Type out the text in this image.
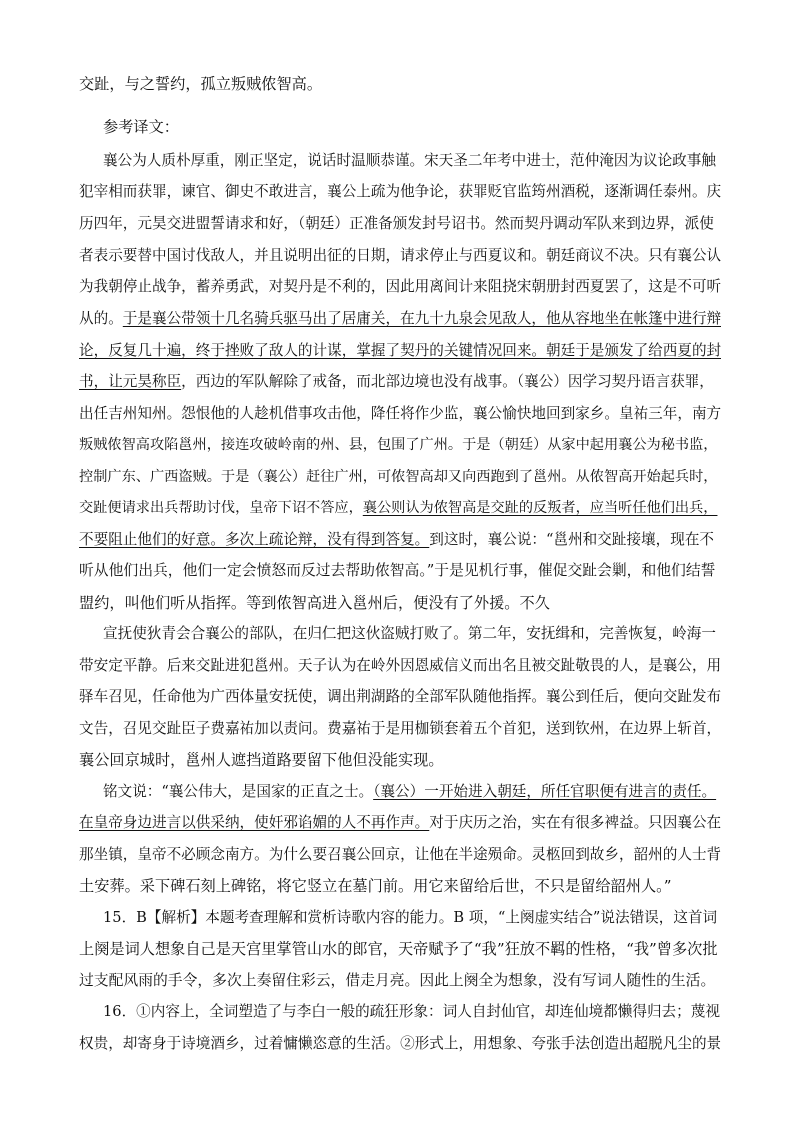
交趾，与之誓约，孤立叛贼侬智高。
参考译文：
襄公为人质朴厚重，刚正坚定，说话时温顺恭谨。宋天圣二年考中进士，范仲淹因为议论政事触
犯宰相而获罪，谏官、御史不敢进言，襄公上疏为他争论，获罪贬官监筠州酒税，逐渐调任泰州。庆
历四年，元昊交进盟誓请求和好，（朝廷）正准备颁发封号诏书。然而契丹调动军队来到边界，派使
者表示要替中国讨伐敌人，并且说明出征的日期，请求停止与西夏议和。朝廷商议不决。只有襄公认
为我朝停止战争，蓄养勇武，对契丹是不利的，因此用离间计来阻挠宋朝册封西夏罢了，这是不可听
从的。于是襄公带领十几名骑兵驱马出了居庸关，在九十九泉会见敌人，他从容地坐在帐篷中进行辩
论，反复几十遍，终于挫败了敌人的计谋，掌握了契丹的关键情况回来。朝廷于是颁发了给西夏的封
书，让元昊称臣，西边的军队解除了戒备，而北部边境也没有战事。（襄公）因学习契丹语言获罪，
出任吉州知州。怨恨他的人趁机借事攻击他，降任将作少监，襄公愉快地回到家乡。皇祐三年，南方
叛贼侬智高攻陷邕州，接连攻破岭南的州、县，包围了广州。于是（朝廷）从家中起用襄公为秘书监，
控制广东、广西盗贼。于是（襄公）赶往广州，可侬智高却又向西跑到了邕州。从侬智高开始起兵时，
交趾便请求出兵帮助讨伐，皇帝下诏不答应，襄公则认为侬智高是交趾的反叛者，应当听任他们出兵，
不要阻止他们的好意。多次上疏论辩，没有得到答复。到这时，襄公说：“邕州和交趾接壤，现在不
听从他们出兵，他们一定会愤怒而反过去帮助侬智高。”于是见机行事，催促交趾会剿，和他们结誓
盟约，叫他们听从指挥。等到侬智高进入邕州后，便没有了外援。不久
宣抚使狄青会合襄公的部队，在归仁把这伙盗贼打败了。第二年，安抚缉和，完善恢复，岭海一
带安定平静。后来交趾进犯邕州。天子认为在岭外因恩威信义而出名且被交趾敬畏的人，是襄公，用
驿车召见，任命他为广西体量安抚使，调出荆湖路的全部军队随他指挥。襄公到任后，便向交趾发布
文告，召见交趾臣子费嘉祐加以责问。费嘉祐于是用枷锁套着五个首犯，送到钦州，在边界上斩首，
襄公回京城时，邕州人遮挡道路要留下他但没能实现。
铭文说：“襄公伟大，是国家的正直之士。（襄公）一开始进入朝廷，所任官职便有进言的责任。
在皇帝身边进言以供采纳，使奸邪谄媚的人不再作声。对于庆历之治，实在有很多裨益。只因襄公在
那坐镇，皇帝不必顾念南方。为什么要召襄公回京，让他在半途殒命。灵柩回到故乡，韶州的人士背
土安葬。采下碑石刻上碑铭，将它竖立在墓门前。用它来留给后世，不只是留给韶州人。”
15．B【解析】本题考查理解和赏析诗歌内容的能力。B 项，“上阕虚实结合”说法错误，这首词
上阕是词人想象自己是天宫里掌管山水的郎官，天帝赋予了“我”狂放不羁的性格，“我”曾多次批
过支配风雨的手令，多次上奏留住彩云，借走月亮。因此上阕全为想象，没有写词人随性的生活。
16．①内容上，全词塑造了与李白一般的疏狂形象：词人自封仙官，却连仙境都懒得归去；蔑视
权贵，却寄身于诗境酒乡，过着慵懒恣意的生活。②形式上，用想象、夸张手法创造出超脱凡尘的景
